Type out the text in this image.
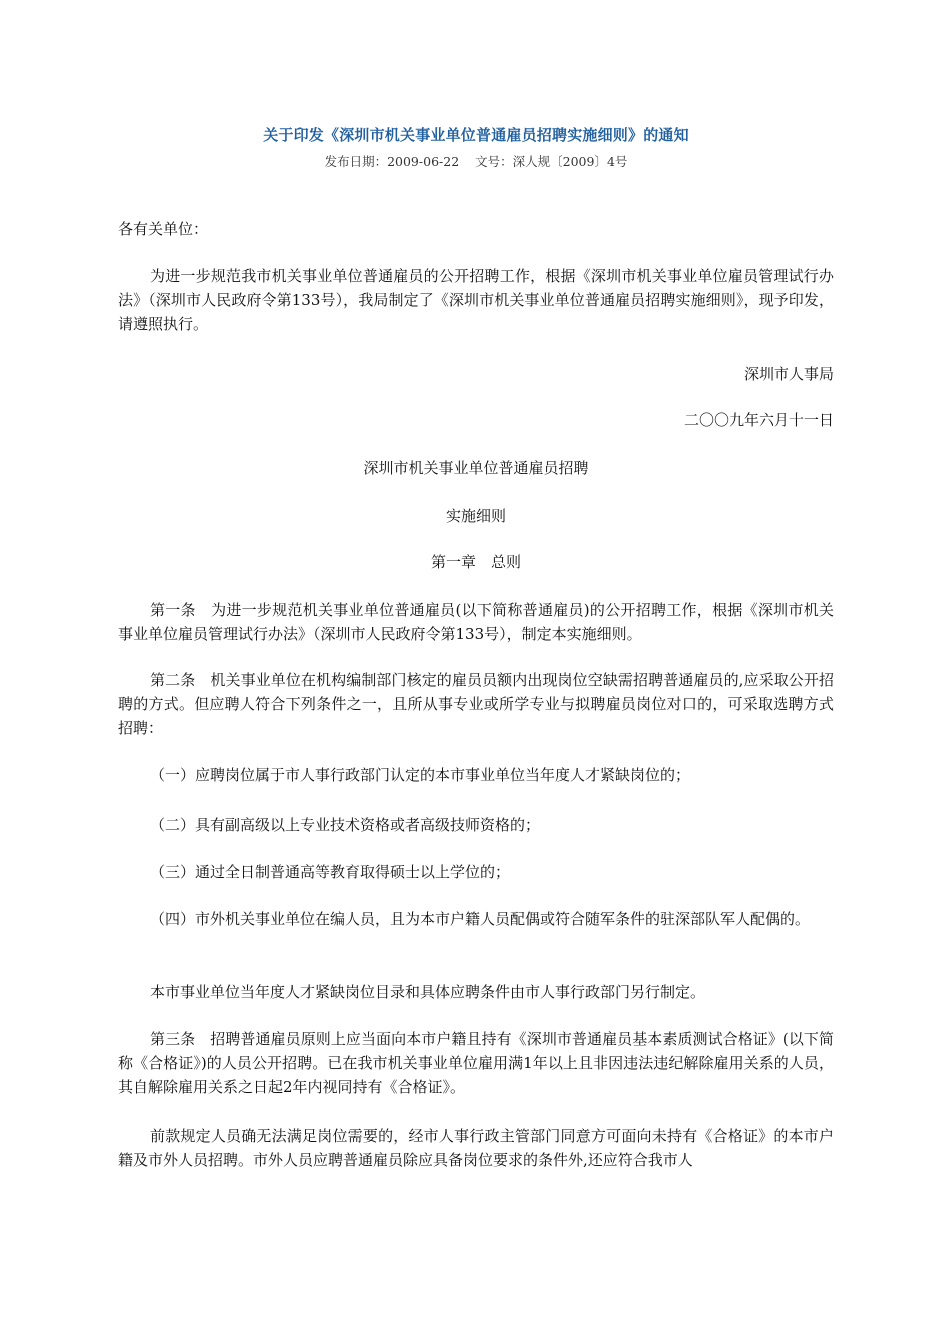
关于印发《深圳市机关事业单位普通雇员招聘实施细则》的通知
发布日期：2009-06-22 文号：深人规〔2009〕4号
各有关单位：
为进一步规范我市机关事业单位普通雇员的公开招聘工作，根据《深圳市机关事业单位雇员管理试行办法》（深圳市人民政府令第133号），我局制定了《深圳市机关事业单位普通雇员招聘实施细则》，现予印发，请遵照执行。
深圳市人事局
二〇〇九年六月十一日
深圳市机关事业单位普通雇员招聘
实施细则
第一章　总则
第一条　为进一步规范机关事业单位普通雇员(以下简称普通雇员)的公开招聘工作，根据《深圳市机关事业单位雇员管理试行办法》（深圳市人民政府令第133号），制定本实施细则。
第二条　机关事业单位在机构编制部门核定的雇员员额内出现岗位空缺需招聘普通雇员的,应采取公开招聘的方式。但应聘人符合下列条件之一，且所从事专业或所学专业与拟聘雇员岗位对口的，可采取选聘方式招聘：
（一）应聘岗位属于市人事行政部门认定的本市事业单位当年度人才紧缺岗位的；
（二）具有副高级以上专业技术资格或者高级技师资格的；
（三）通过全日制普通高等教育取得硕士以上学位的；
（四）市外机关事业单位在编人员，且为本市户籍人员配偶或符合随军条件的驻深部队军人配偶的。
本市事业单位当年度人才紧缺岗位目录和具体应聘条件由市人事行政部门另行制定。
第三条　招聘普通雇员原则上应当面向本市户籍且持有《深圳市普通雇员基本素质测试合格证》(以下简称《合格证》)的人员公开招聘。已在我市机关事业单位雇用满1年以上且非因违法违纪解除雇用关系的人员，其自解除雇用关系之日起2年内视同持有《合格证》。
前款规定人员确无法满足岗位需要的，经市人事行政主管部门同意方可面向未持有《合格证》的本市户籍及市外人员招聘。市外人员应聘普通雇员除应具备岗位要求的条件外,还应符合我市人
